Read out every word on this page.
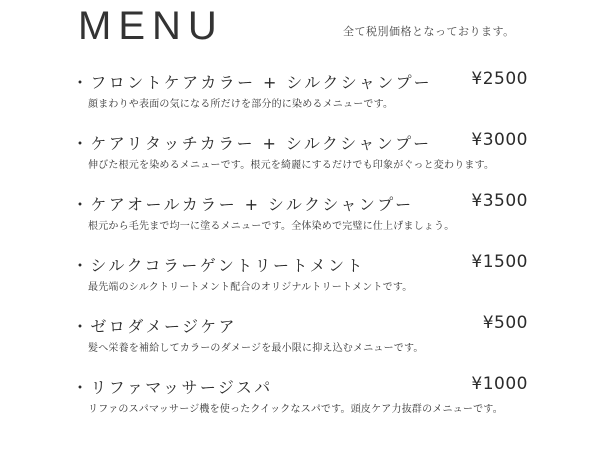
MENU	全て税別価格となっております。
・フロントケアカラー + シルクシャンプー ¥2500
顔まわりや表面の気になる所だけを部分的に染めるメニューです。
・ケアリタッチカラー + シルクシャンプー ¥3000
伸びた根元を染めるメニューです。根元を綺麗にするだけでも印象がぐっと変わります。
・ケアオールカラー + シルクシャンプー	¥3500
根元から毛先まで均一に塗るメニューです。全体染めで完璧に仕上げましょう。
・シルクコラーゲントリートメント	¥1500
最先端のシルクトリートメント配合のオリジナルトリートメントです。
・ゼロダメージケア	¥500
髪へ栄養を補給してカラーのダメージを最小限に抑え込むメニューです。
・リファマッサージスパ	¥1000
リファのスパマッサージ機を使ったクイックなスパです。頭皮ケア力抜群のメニューです。
